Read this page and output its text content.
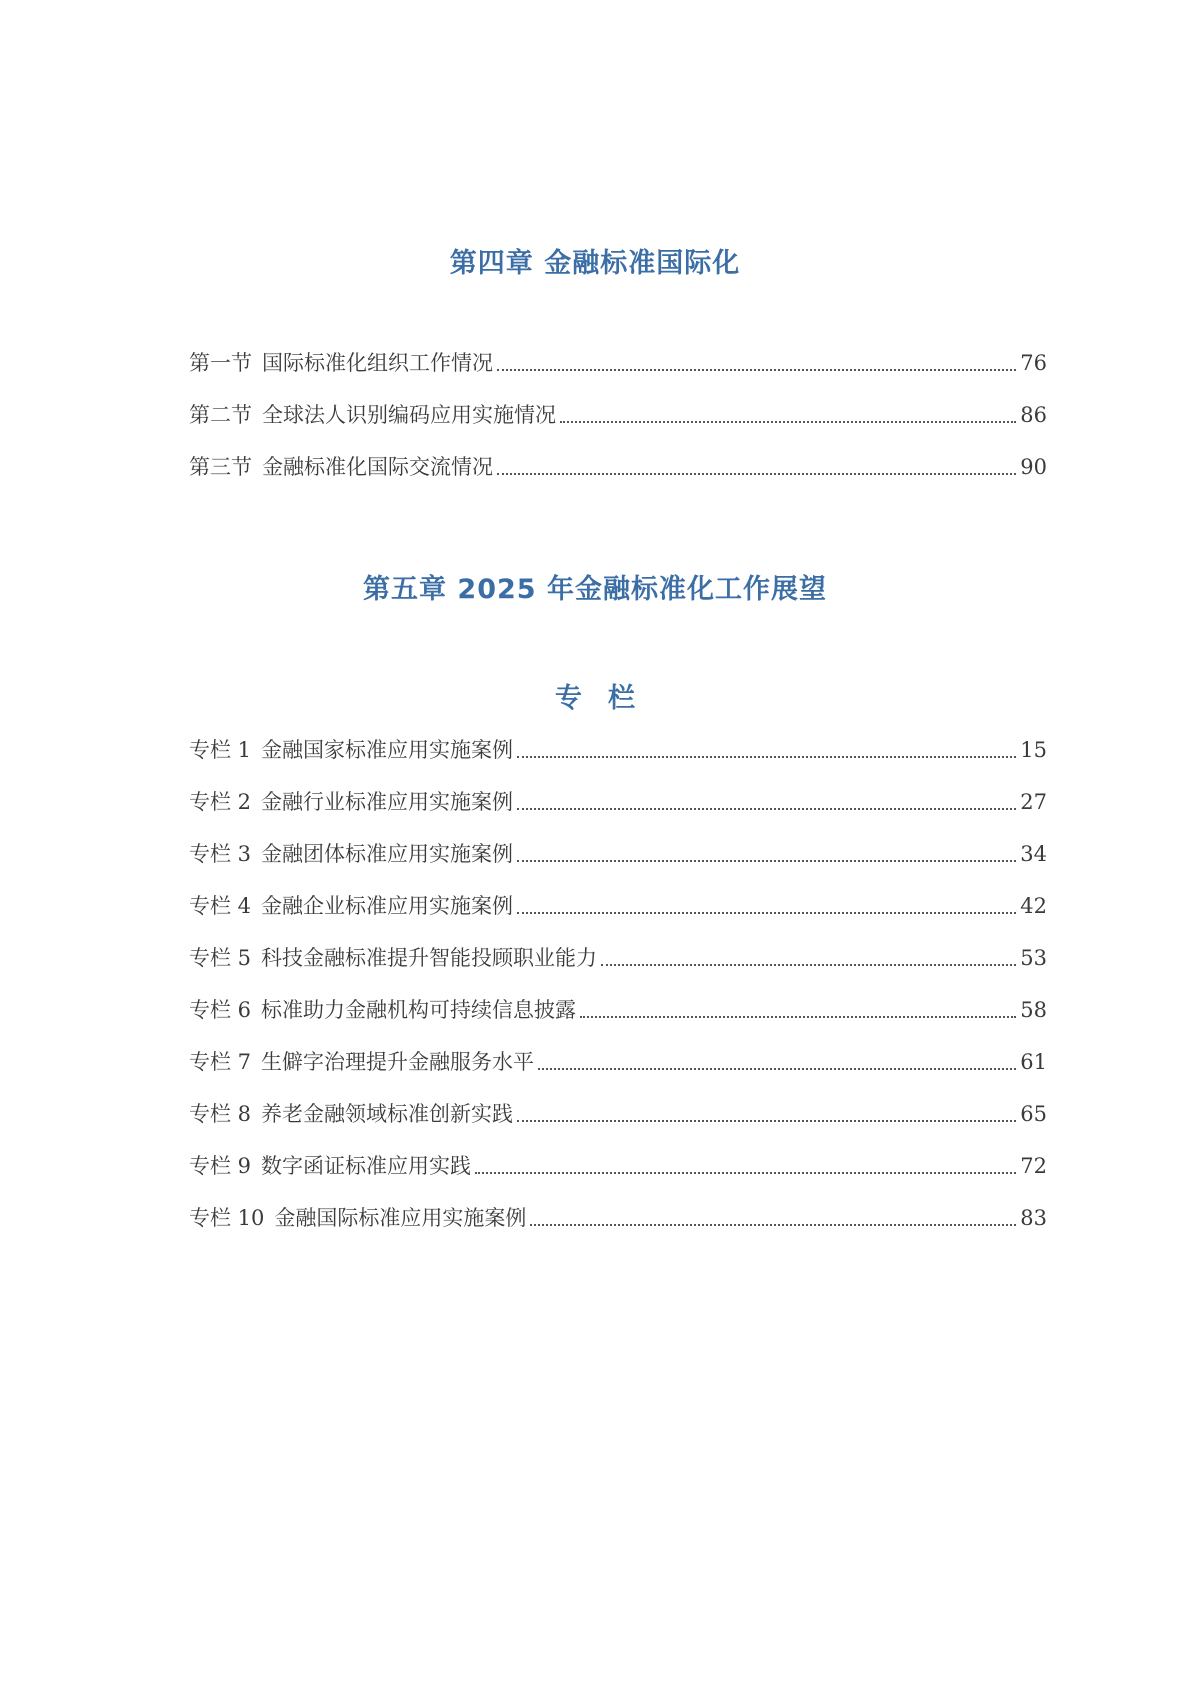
第四章 金融标准国际化
第一节 国际标准化组织工作情况	76
第二节 全球法人识别编码应用实施情况	86
第三节 金融标准化国际交流情况	90
第五章 2025 年金融标准化工作展望
专栏
专栏 1 金融国家标准应用实施案例	15
专栏 2 金融行业标准应用实施案例	27
专栏 3 金融团体标准应用实施案例	34
专栏 4 金融企业标准应用实施案例	42
专栏 5 科技金融标准提升智能投顾职业能力	53
专栏 6 标准助力金融机构可持续信息披露	58
专栏 7 生僻字治理提升金融服务水平	61
专栏 8 养老金融领域标准创新实践	65
专栏 9 数字函证标准应用实践	72
专栏 10 金融国际标准应用实施案例	83
